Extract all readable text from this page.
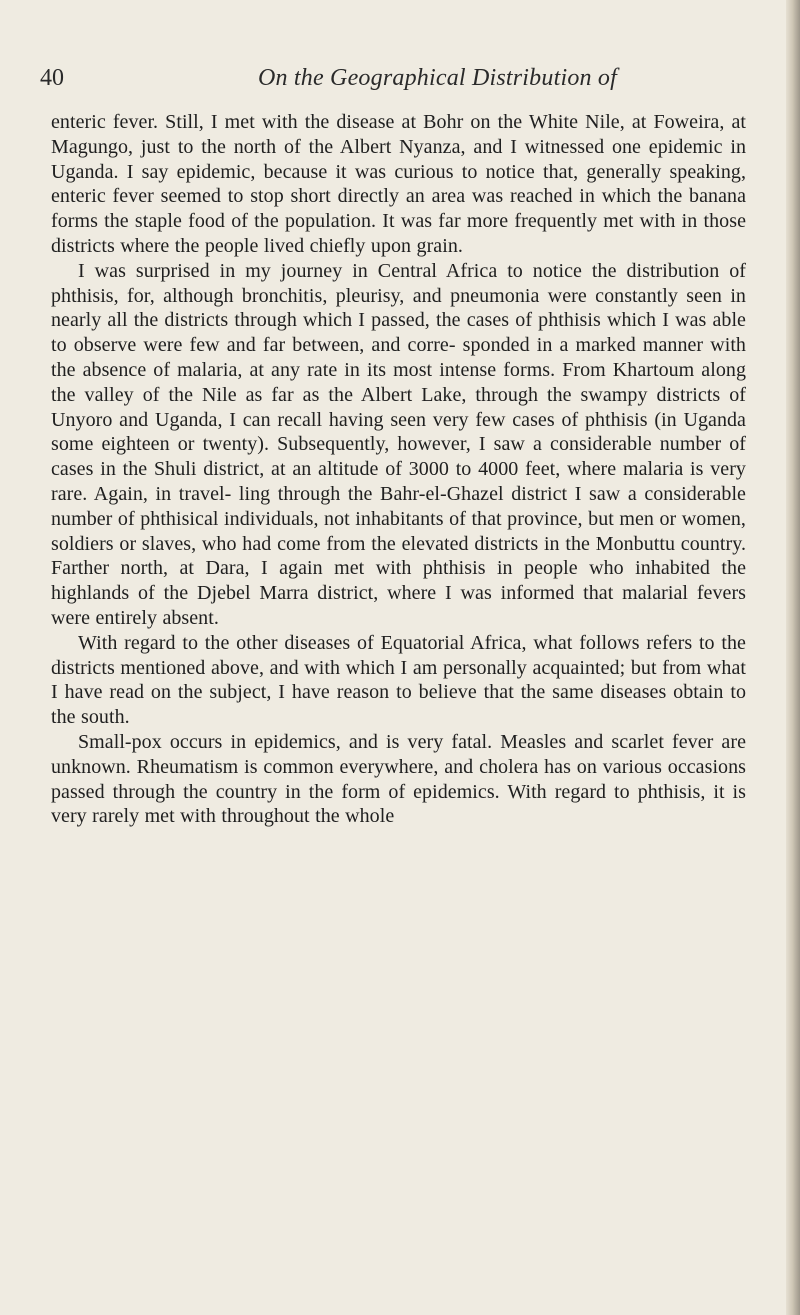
40	On the Geographical Distribution of

enteric fever. Still, I met with the disease at Bohr on the White Nile, at Foweira, at Magungo, just to the north of the Albert Nyanza, and I witnessed one epidemic in Uganda. I say epidemic, because it was curious to notice that, generally speaking, enteric fever seemed to stop short directly an area was reached in which the banana forms the staple food of the population. It was far more frequently met with in those districts where the people lived chiefly upon grain.

I was surprised in my journey in Central Africa to notice the distribution of phthisis, for, although bronchitis, pleurisy, and pneumonia were constantly seen in nearly all the districts through which I passed, the cases of phthisis which I was able to observe were few and far between, and corre- sponded in a marked manner with the absence of malaria, at any rate in its most intense forms. From Khartoum along the valley of the Nile as far as the Albert Lake, through the swampy districts of Unyoro and Uganda, I can recall having seen very few cases of phthisis (in Uganda some eighteen or twenty). Subsequently, however, I saw a considerable number of cases in the Shuli district, at an altitude of 3000 to 4000 feet, where malaria is very rare. Again, in travel- ling through the Bahr-el-Ghazel district I saw a considerable number of phthisical individuals, not inhabitants of that province, but men or women, soldiers or slaves, who had come from the elevated districts in the Monbuttu country. Farther north, at Dara, I again met with phthisis in people who inhabited the highlands of the Djebel Marra district, where I was informed that malarial fevers were entirely absent.

With regard to the other diseases of Equatorial Africa, what follows refers to the districts mentioned above, and with which I am personally acquainted; but from what I have read on the subject, I have reason to believe that the same diseases obtain to the south.

Small-pox occurs in epidemics, and is very fatal. Measles and scarlet fever are unknown. Rheumatism is common everywhere, and cholera has on various occasions passed through the country in the form of epidemics. With regard to phthisis, it is very rarely met with throughout the whole
